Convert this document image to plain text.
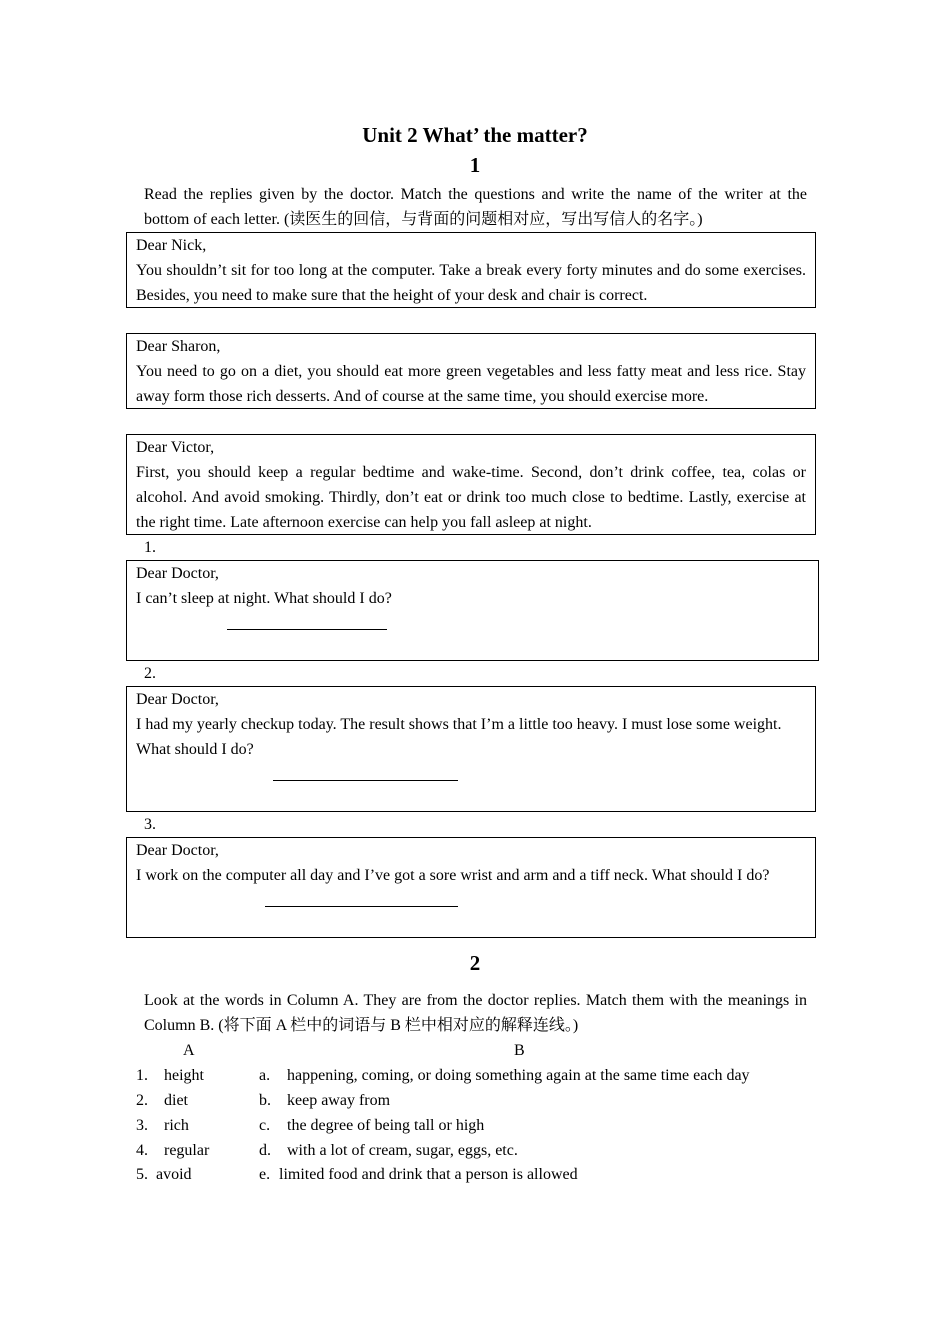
Unit 2 What’ the matter?
1
Read the replies given by the doctor. Match the questions and write the name of the writer at the bottom of each letter. (读医生的回信，与背面的问题相对应，写出写信人的名字。)
Dear Nick,
You shouldn’t sit for too long at the computer. Take a break every forty minutes and do some exercises. Besides, you need to make sure that the height of your desk and chair is correct.
Dear Sharon,
You need to go on a diet, you should eat more green vegetables and less fatty meat and less rice. Stay away form those rich desserts. And of course at the same time, you should exercise more.
Dear Victor,
First, you should keep a regular bedtime and wake-time. Second, don’t drink coffee, tea, colas or alcohol. And avoid smoking. Thirdly, don’t eat or drink too much close to bedtime. Lastly, exercise at the right time. Late afternoon exercise can help you fall asleep at night.
1.
Dear Doctor,
I can’t sleep at night. What should I do?
2.
Dear Doctor,
I had my yearly checkup today. The result shows that I’m a little too heavy. I must lose some weight. What should I do?
3.
Dear Doctor,
I work on the computer all day and I’ve got a sore wrist and arm and a tiff neck. What should I do?
2
Look at the words in Column A. They are from the doctor replies. Match them with the meanings in Column B. (将下面 A 栏中的词语与 B 栏中相对应的解释连线。)
A	B
1. height	a. happening, coming, or doing something again at the same time each day
2. diet	b. keep away from
3. rich	c. the degree of being tall or high
4. regular	d. with a lot of cream, sugar, eggs, etc.
5. avoid	e. limited food and drink that a person is allowed
